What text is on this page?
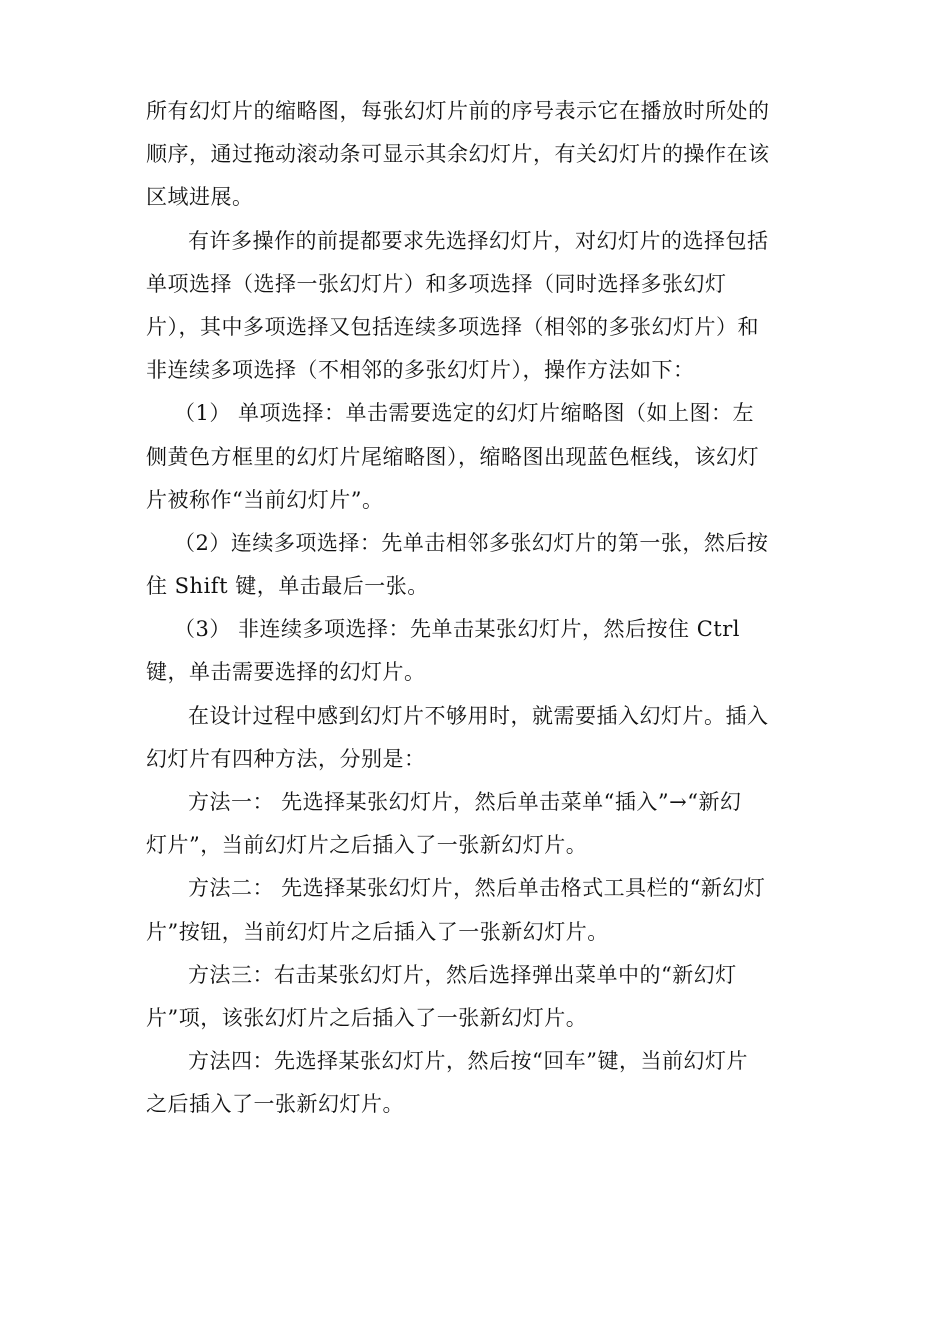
所有幻灯片的缩略图，每张幻灯片前的序号表示它在播放时所处的
顺序，通过拖动滚动条可显示其余幻灯片，有关幻灯片的操作在该
区域进展。

有许多操作的前提都要求先选择幻灯片，对幻灯片的选择包括
单项选择（选择一张幻灯片）和多项选择（同时选择多张幻灯
片），其中多项选择又包括连续多项选择（相邻的多张幻灯片）和
非连续多项选择（不相邻的多张幻灯片），操作方法如下：

（1） 单项选择：单击需要选定的幻灯片缩略图（如上图：左
侧黄色方框里的幻灯片尾缩略图），缩略图出现蓝色框线，该幻灯
片被称作“当前幻灯片”。

（2）连续多项选择：先单击相邻多张幻灯片的第一张，然后按
住 Shift 键，单击最后一张。

（3） 非连续多项选择：先单击某张幻灯片，然后按住 Ctrl
键，单击需要选择的幻灯片。

在设计过程中感到幻灯片不够用时，就需要插入幻灯片。插入
幻灯片有四种方法，分别是：

方法一： 先选择某张幻灯片，然后单击菜单“插入”→“新幻
灯片”，当前幻灯片之后插入了一张新幻灯片。

方法二： 先选择某张幻灯片，然后单击格式工具栏的“新幻灯
片”按钮，当前幻灯片之后插入了一张新幻灯片。

方法三：右击某张幻灯片，然后选择弹出菜单中的“新幻灯
片”项，该张幻灯片之后插入了一张新幻灯片。

方法四：先选择某张幻灯片，然后按“回车”键，当前幻灯片
之后插入了一张新幻灯片。
